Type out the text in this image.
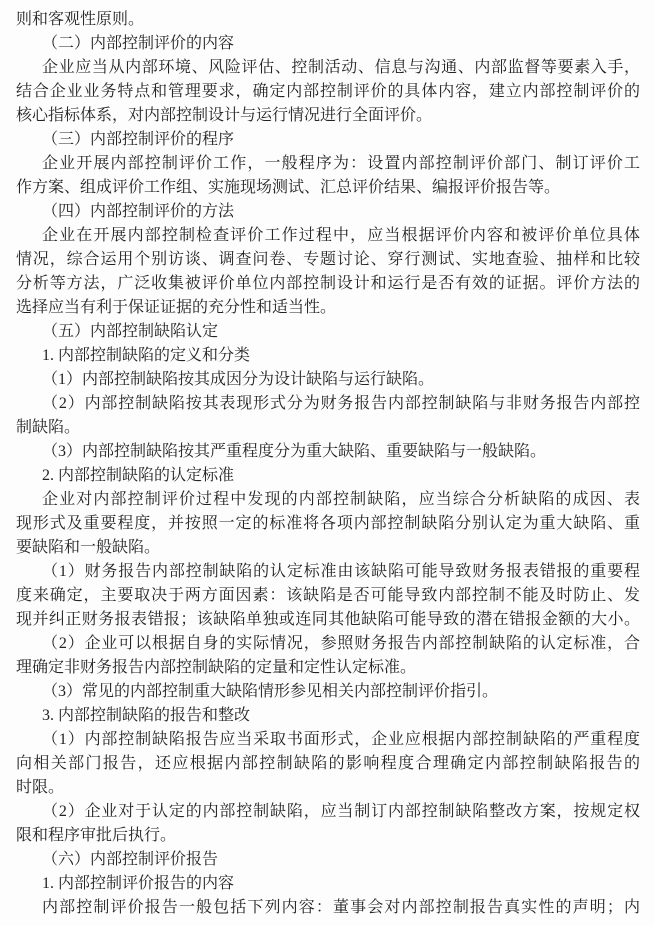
则和客观性原则。
（二）内部控制评价的内容
企业应当从内部环境、风险评估、控制活动、信息与沟通、内部监督等要素入手，
结合企业业务特点和管理要求，确定内部控制评价的具体内容，建立内部控制评价的
核心指标体系，对内部控制设计与运行情况进行全面评价。
（三）内部控制评价的程序
企业开展内部控制评价工作，一般程序为：设置内部控制评价部门、制订评价工
作方案、组成评价工作组、实施现场测试、汇总评价结果、编报评价报告等。
（四）内部控制评价的方法
企业在开展内部控制检查评价工作过程中，应当根据评价内容和被评价单位具体
情况，综合运用个别访谈、调查问卷、专题讨论、穿行测试、实地查验、抽样和比较
分析等方法，广泛收集被评价单位内部控制设计和运行是否有效的证据。评价方法的
选择应当有利于保证证据的充分性和适当性。
（五）内部控制缺陷认定
1. 内部控制缺陷的定义和分类
（1）内部控制缺陷按其成因分为设计缺陷与运行缺陷。
（2）内部控制缺陷按其表现形式分为财务报告内部控制缺陷与非财务报告内部控
制缺陷。
（3）内部控制缺陷按其严重程度分为重大缺陷、重要缺陷与一般缺陷。
2. 内部控制缺陷的认定标准
企业对内部控制评价过程中发现的内部控制缺陷，应当综合分析缺陷的成因、表
现形式及重要程度，并按照一定的标准将各项内部控制缺陷分别认定为重大缺陷、重
要缺陷和一般缺陷。
（1）财务报告内部控制缺陷的认定标准由该缺陷可能导致财务报表错报的重要程
度来确定，主要取决于两方面因素：该缺陷是否可能导致内部控制不能及时防止、发
现并纠正财务报表错报；该缺陷单独或连同其他缺陷可能导致的潜在错报金额的大小。
（2）企业可以根据自身的实际情况，参照财务报告内部控制缺陷的认定标准，合
理确定非财务报告内部控制缺陷的定量和定性认定标准。
（3）常见的内部控制重大缺陷情形参见相关内部控制评价指引。
3. 内部控制缺陷的报告和整改
（1）内部控制缺陷报告应当采取书面形式，企业应根据内部控制缺陷的严重程度
向相关部门报告，还应根据内部控制缺陷的影响程度合理确定内部控制缺陷报告的
时限。
（2）企业对于认定的内部控制缺陷，应当制订内部控制缺陷整改方案，按规定权
限和程序审批后执行。
（六）内部控制评价报告
1. 内部控制评价报告的内容
内部控制评价报告一般包括下列内容：董事会对内部控制报告真实性的声明；内
